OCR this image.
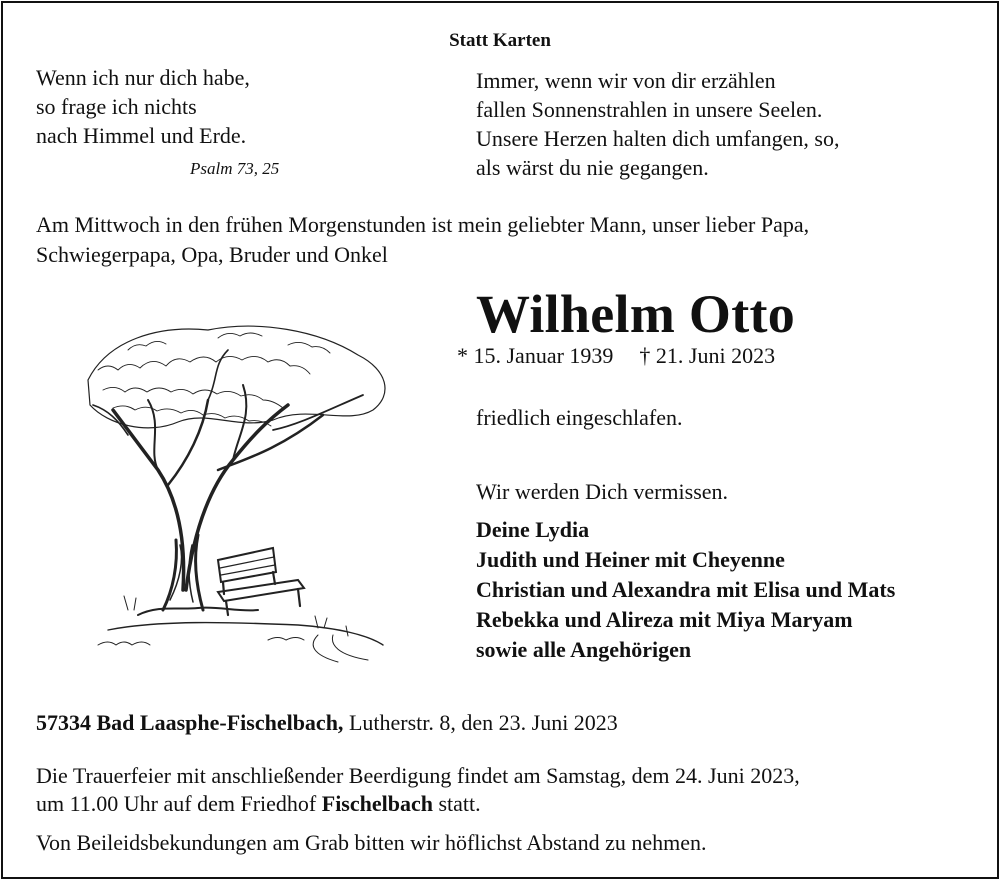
Statt Karten
Wenn ich nur dich habe,
so frage ich nichts
nach Himmel und Erde.
Psalm 73, 25
Immer, wenn wir von dir erzählen
fallen Sonnenstrahlen in unsere Seelen.
Unsere Herzen halten dich umfangen, so,
als wärst du nie gegangen.
Am Mittwoch in den frühen Morgenstunden ist mein geliebter Mann, unser lieber Papa,
Schwiegerpapa, Opa, Bruder und Onkel
Wilhelm Otto
* 15. Januar 1939 † 21. Juni 2023
friedlich eingeschlafen.
Wir werden Dich vermissen.
Deine Lydia
Judith und Heiner mit Cheyenne
Christian und Alexandra mit Elisa und Mats
Rebekka und Alireza mit Miya Maryam
sowie alle Angehörigen
57334 Bad Laasphe-Fischelbach, Lutherstr. 8, den 23. Juni 2023
Die Trauerfeier mit anschließender Beerdigung findet am Samstag, dem 24. Juni 2023,
um 11.00 Uhr auf dem Friedhof Fischelbach statt.
Von Beileidsbekundungen am Grab bitten wir höflichst Abstand zu nehmen.
